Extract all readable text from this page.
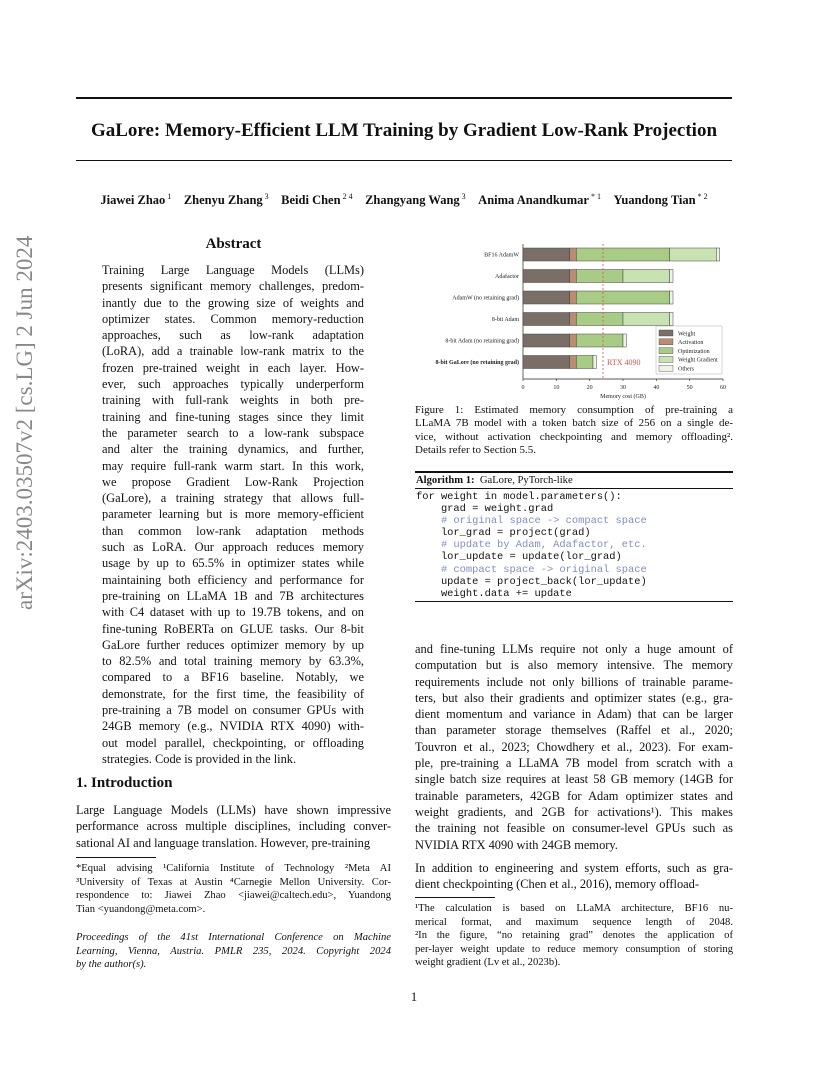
arXiv:2403.03507v2 [cs.LG] 2 Jun 2024
GaLore: Memory-Efficient LLM Training by Gradient Low-Rank Projection
Jiawei Zhao $^1$  Zhenyu Zhang $^3$  Beidi Chen $^{2 4}$  Zhangyang Wang $^3$  Anima Anandkumar $^{* 1}$  Yuandong Tian $^{* 2}$
Abstract
Training Large Language Models (LLMs)
presents significant memory challenges, predom-
inantly due to the growing size of weights and
optimizer states. Common memory-reduction
approaches, such as low-rank adaptation
(LoRA), add a trainable low-rank matrix to the
frozen pre-trained weight in each layer. How-
ever, such approaches typically underperform
training with full-rank weights in both pre-
training and fine-tuning stages since they limit
the parameter search to a low-rank subspace
and alter the training dynamics, and further,
may require full-rank warm start. In this work,
we propose Gradient Low-Rank Projection
(GaLore), a training strategy that allows full-
parameter learning but is more memory-efficient
than common low-rank adaptation methods
such as LoRA. Our approach reduces memory
usage by up to 65.5% in optimizer states while
maintaining both efficiency and performance for
pre-training on LLaMA 1B and 7B architectures
with C4 dataset with up to 19.7B tokens, and on
fine-tuning RoBERTa on GLUE tasks. Our 8-bit
GaLore further reduces optimizer memory by up
to 82.5% and total training memory by 63.3%,
compared to a BF16 baseline. Notably, we
demonstrate, for the first time, the feasibility of
pre-training a 7B model on consumer GPUs with
24GB memory (e.g., NVIDIA RTX 4090) with-
out model parallel, checkpointing, or offloading
strategies. Code is provided in the link.
1. Introduction
Large Language Models (LLMs) have shown impressive
performance across multiple disciplines, including conver-
sational AI and language translation. However, pre-training
*Equal advising ¹California Institute of Technology ²Meta AI
³University of Texas at Austin ⁴Carnegie Mellon University. Cor-
respondence to: Jiawei Zhao <jiawei@caltech.edu>, Yuandong
Tian <yuandong@meta.com>.
Proceedings of the 41st International Conference on Machine
Learning, Vienna, Austria. PMLR 235, 2024. Copyright 2024
by the author(s).
BF16 AdamW
Adafactor
AdamW (no retaining grad)
8-bit Adam
8-bit Adam (no retaining grad)
8-bit GaLore (no retaining grad)
0	10	20	30	40	50	60
Memory cost (GB)
RTX 4090
Weight
Activation
Optimization
Weight Gradient
Others
Figure 1: Estimated memory consumption of pre-training a
LLaMA 7B model with a token batch size of 256 on a single de-
vice, without activation checkpointing and memory offloading².
Details refer to Section 5.5.
Algorithm 1: GaLore, PyTorch-like
for weight in model.parameters():
grad = weight.grad
# original space -> compact space
lor_grad = project(grad)
# update by Adam, Adafactor, etc.
lor_update = update(lor_grad)
# compact space -> original space
update = project_back(lor_update)
weight.data += update
and fine-tuning LLMs require not only a huge amount of
computation but is also memory intensive. The memory
requirements include not only billions of trainable parame-
ters, but also their gradients and optimizer states (e.g., gra-
dient momentum and variance in Adam) that can be larger
than parameter storage themselves (Raffel et al., 2020;
Touvron et al., 2023; Chowdhery et al., 2023). For exam-
ple, pre-training a LLaMA 7B model from scratch with a
single batch size requires at least 58 GB memory (14GB for
trainable parameters, 42GB for Adam optimizer states and
weight gradients, and 2GB for activations¹). This makes
the training not feasible on consumer-level GPUs such as
NVIDIA RTX 4090 with 24GB memory.
In addition to engineering and system efforts, such as gra-
dient checkpointing (Chen et al., 2016), memory offload-
¹The calculation is based on LLaMA architecture, BF16 nu-
merical format, and maximum sequence length of 2048.
²In the figure, “no retaining grad” denotes the application of
per-layer weight update to reduce memory consumption of storing
weight gradient (Lv et al., 2023b).
1
